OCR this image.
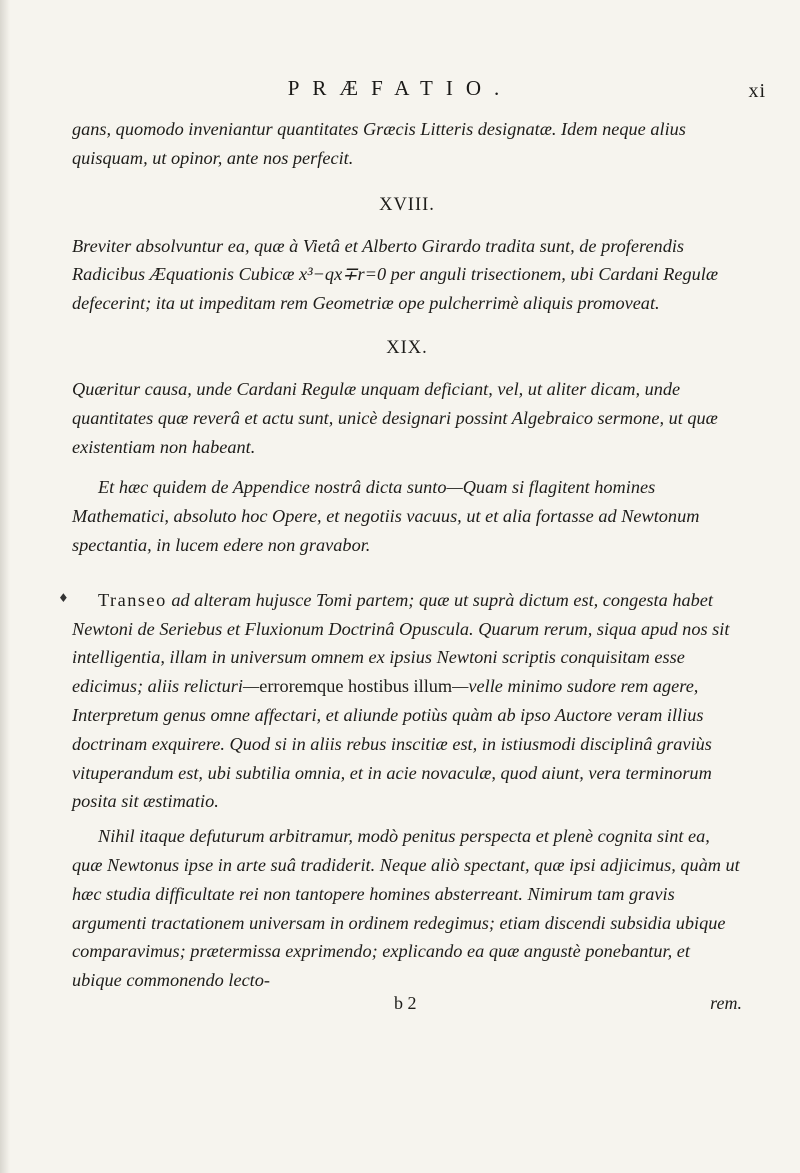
PRÆFATIO.	xi
♦

gans, quomodo inveniantur quantitates Græcis Litteris designatæ. Idem neque alius quisquam, ut opinor, ante nos perfecit.

XVIII.

Breviter absolvuntur ea, quæ à Vietâ et Alberto Girardo tradita sunt, de proferendis Radicibus Æquationis Cubicæ x³−qx∓r=0 per anguli trisectionem, ubi Cardani Regulæ defecerint; ita ut impeditam rem Geometriæ ope pulcherrimè aliquis promoveat.

XIX.

Quæritur causa, unde Cardani Regulæ unquam deficiant, vel, ut aliter dicam, unde quantitates quæ reverâ et actu sunt, unicè designari possint Algebraico sermone, ut quæ existentiam non habeant.

Et hæc quidem de Appendice nostrâ dicta sunto—Quam si flagitent homines Mathematici, absoluto hoc Opere, et negotiis vacuus, ut et alia fortasse ad Newtonum spectantia, in lucem edere non gravabor.

Transeo ad alteram hujusce Tomi partem; quæ ut suprà dictum est, congesta habet Newtoni de Seriebus et Fluxionum Doctrinâ Opuscula. Quarum rerum, siqua apud nos sit intelligentia, illam in universum omnem ex ipsius Newtoni scriptis conquisitam esse edicimus; aliis relicturi—erroremque hostibus illum—velle minimo sudore rem agere, Interpretum genus omne affectari, et aliunde potiùs quàm ab ipso Auctore veram illius doctrinam exquirere. Quod si in aliis rebus inscitiæ est, in istiusmodi disciplinâ graviùs vituperandum est, ubi subtilia omnia, et in acie novaculæ, quod aiunt, vera terminorum posita sit æstimatio.

Nihil itaque defuturum arbitramur, modò penitus perspecta et plenè cognita sint ea, quæ Newtonus ipse in arte suâ tradiderit. Neque aliò spectant, quæ ipsi adjicimus, quàm ut hæc studia difficultate rei non tantopere homines absterreant. Nimirum tam gravis argumenti tractationem universam in ordinem redegimus; etiam discendi subsidia ubique comparavimus; prætermissa exprimendo; explicando ea quæ angustè ponebantur, et ubique commonendo lecto-

b 2	rem.
